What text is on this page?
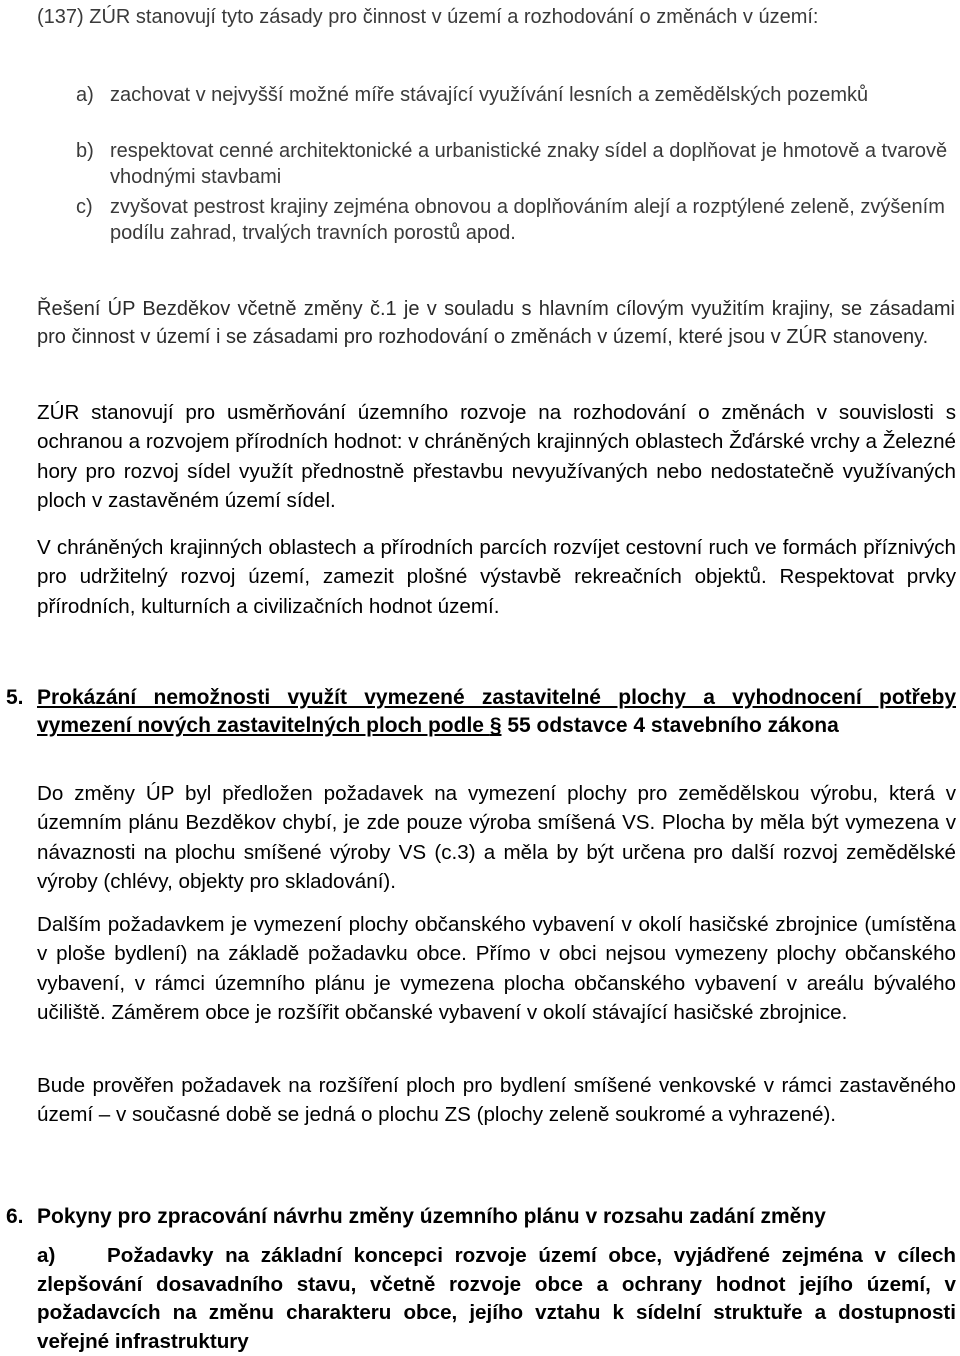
(137) ZÚR stanovují tyto zásady pro činnost v území a rozhodování o změnách v území:

a) zachovat v nejvyšší možné míře stávající využívání lesních a zemědělských pozemků

b) respektovat cenné architektonické a urbanistické znaky sídel a doplňovat je hmotově a tvarově vhodnými stavbami

c) zvyšovat pestrost krajiny zejména obnovou a doplňováním alejí a rozptýlené zeleně, zvýšením podílu zahrad, trvalých travních porostů apod.

Řešení ÚP Bezděkov včetně změny č.1 je v souladu s hlavním cílovým využitím krajiny, se zásadami pro činnost v území i se zásadami pro rozhodování o změnách v území, které jsou v ZÚR stanoveny.

ZÚR stanovují pro usměrňování územního rozvoje na rozhodování o změnách v souvislosti s ochranou a rozvojem přírodních hodnot: v chráněných krajinných oblastech Žďárské vrchy a Železné hory pro rozvoj sídel využít přednostně přestavbu nevyužívaných nebo nedostatečně využívaných ploch v zastavěném území sídel.

V chráněných krajinných oblastech a přírodních parcích rozvíjet cestovní ruch ve formách příznivých pro udržitelný rozvoj území, zamezit plošné výstavbě rekreačních objektů. Respektovat prvky přírodních, kulturních a civilizačních hodnot území.

5. Prokázání nemožnosti využít vymezené zastavitelné plochy a vyhodnocení potřeby vymezení nových zastavitelných ploch podle § 55 odstavce 4 stavebního zákona

Do změny ÚP byl předložen požadavek na vymezení plochy pro zemědělskou výrobu, která v územním plánu Bezděkov chybí, je zde pouze výroba smíšená VS. Plocha by měla být vymezena v návaznosti na plochu smíšené výroby VS (c.3) a měla by být určena pro další rozvoj zemědělské výroby (chlévy, objekty pro skladování).

Dalším požadavkem je vymezení plochy občanského vybavení v okolí hasičské zbrojnice (umístěna v ploše bydlení) na základě požadavku obce. Přímo v obci nejsou vymezeny plochy občanského vybavení, v rámci územního plánu je vymezena plocha občanského vybavení v areálu bývalého učiliště. Záměrem obce je rozšířit občanské vybavení v okolí stávající hasičské zbrojnice.

Bude prověřen požadavek na rozšíření ploch pro bydlení smíšené venkovské v rámci zastavěného území – v současné době se jedná o plochu ZS (plochy zeleně soukromé a vyhrazené).

6. Pokyny pro zpracování návrhu změny územního plánu v rozsahu zadání změny

a)	Požadavky na základní koncepci rozvoje území obce, vyjádřené zejména v cílech zlepšování dosavadního stavu, včetně rozvoje obce a ochrany hodnot jejího území, v požadavcích na změnu charakteru obce, jejího vztahu k sídelní struktuře a dostupnosti veřejné infrastruktury
